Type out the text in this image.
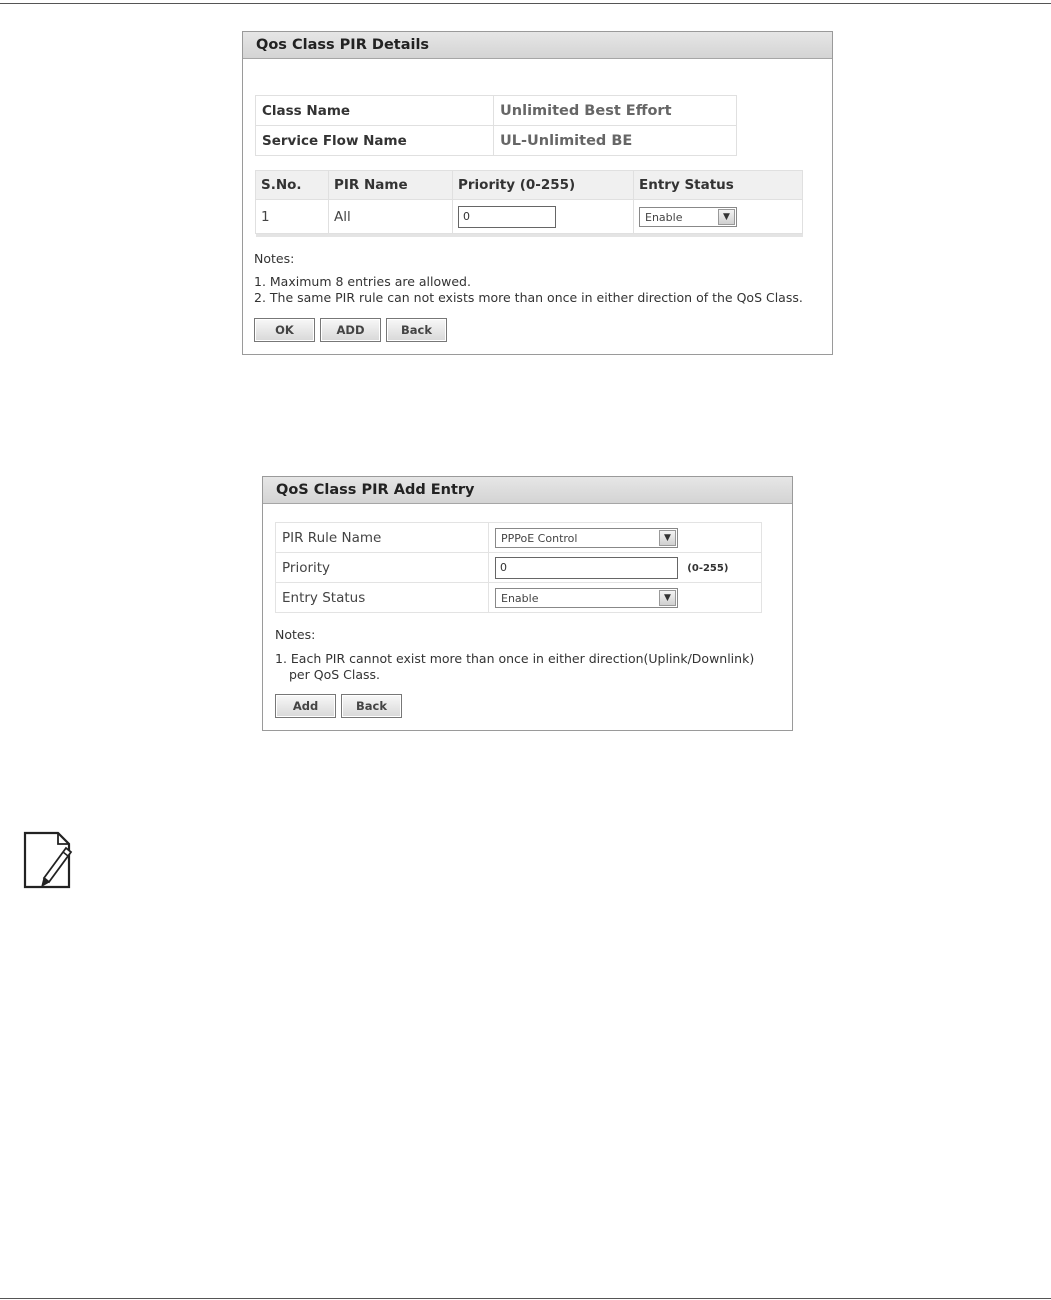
Qos Class PIR Details
Class Name	Unlimited Best Effort
Service Flow Name	UL-Unlimited BE
S.No.	PIR Name	Priority (0-255)	Entry Status
1	All	0	Enable ▼

Notes:
1. Maximum 8 entries are allowed.
2. The same PIR rule can not exists more than once in either direction of the QoS Class.
OK	ADD	Back
QoS Class PIR Add Entry
PIR Rule Name	PPPoE Control ▼

Priority	0 (0-255)
Entry Status	Enable ▼
Notes:
1. Each PIR cannot exist more than once in either direction(Uplink/Downlink)
per QoS Class.
Add	Back
